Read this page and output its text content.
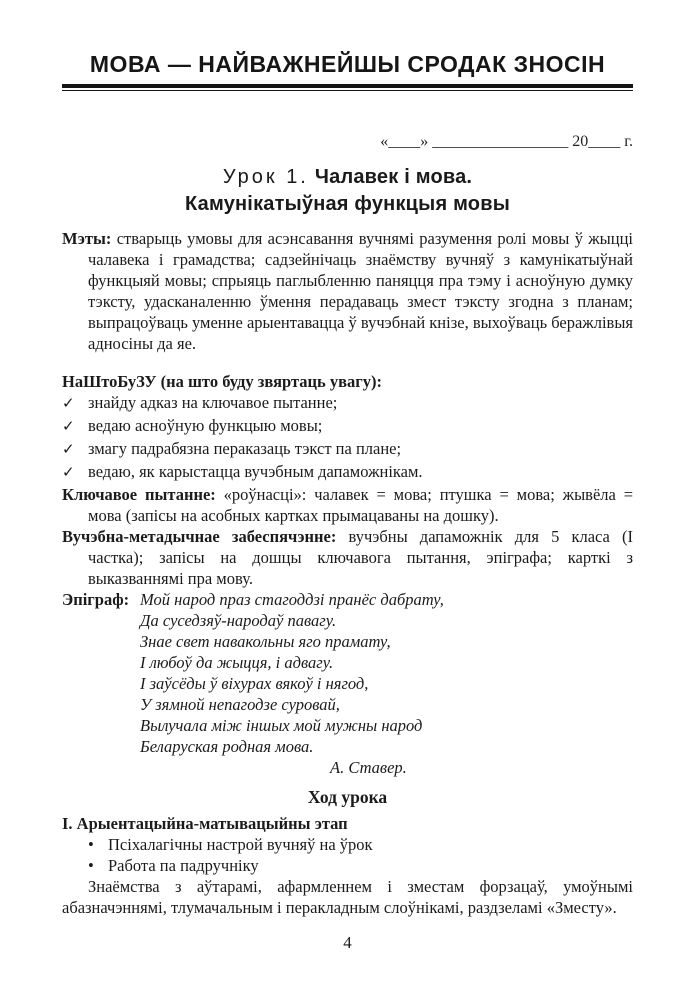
МОВА — НАЙВАЖНЕЙШЫ СРОДАК ЗНОСІН
«____» _________________ 20____ г.
Урок 1. Чалавек і мова.
Камунікатыўная функцыя мовы

Мэты: стварыць умовы для асэнсавання вучнямі разумення ролі мовы ў жыцці чалавека і грамадства; садзейнічаць знаёмству вучняў з камунікатыўнай функцыяй мовы; спрыяць паглыбленню паняцця пра тэму і асноўную думку тэксту, удасканаленню ўмення перадаваць змест тэксту згодна з планам; выпрацоўваць уменне арыентавацца ў вучэбнай кнізе, выхоўваць беражлівыя адносіны да яе.

НаШтоБуЗУ (на што буду звяртаць увагу):
✓ знайду адказ на ключавое пытанне;
✓ ведаю асноўную функцыю мовы;
✓ змагу падрабязна пераказаць тэкст па плане;
✓ ведаю, як карыстацца вучэбным дапаможнікам.

Ключавое пытанне: «роўнасці»: чалавек = мова; птушка = мова; жывёла = мова (запісы на асобных картках прымацаваны на дошку).

Вучэбна-метадычнае забеспячэнне: вучэбны дапаможнік для 5 класа (І частка); запісы на дошцы ключавога пытання, эпіграфа; карткі з выказваннямі пра мову.

Эпіграф: Мой народ праз стагоддзі пранёс дабрату,
Да суседзяў-народаў павагу.
Знае свет навакольны яго прамату,
І любоў да жыцця, і адвагу.
І заўсёды ў віхурах вякоў і нягод,
У зямной непагодзе суровай,
Вылучала між іншых мой мужны народ
Беларуская родная мова.
А. Ставер.
Ход урока
І. Арыентацыйна-матывацыйны этап
• Псіхалагічны настрой вучняў на ўрок
• Работа па падручніку

Знаёмства з аўтарамі, афармленнем і зместам форзацаў, умоўнымі абазначэннямі, тлумачальным і перакладным слоўнікамі, раздзеламі «Зместу».

4
